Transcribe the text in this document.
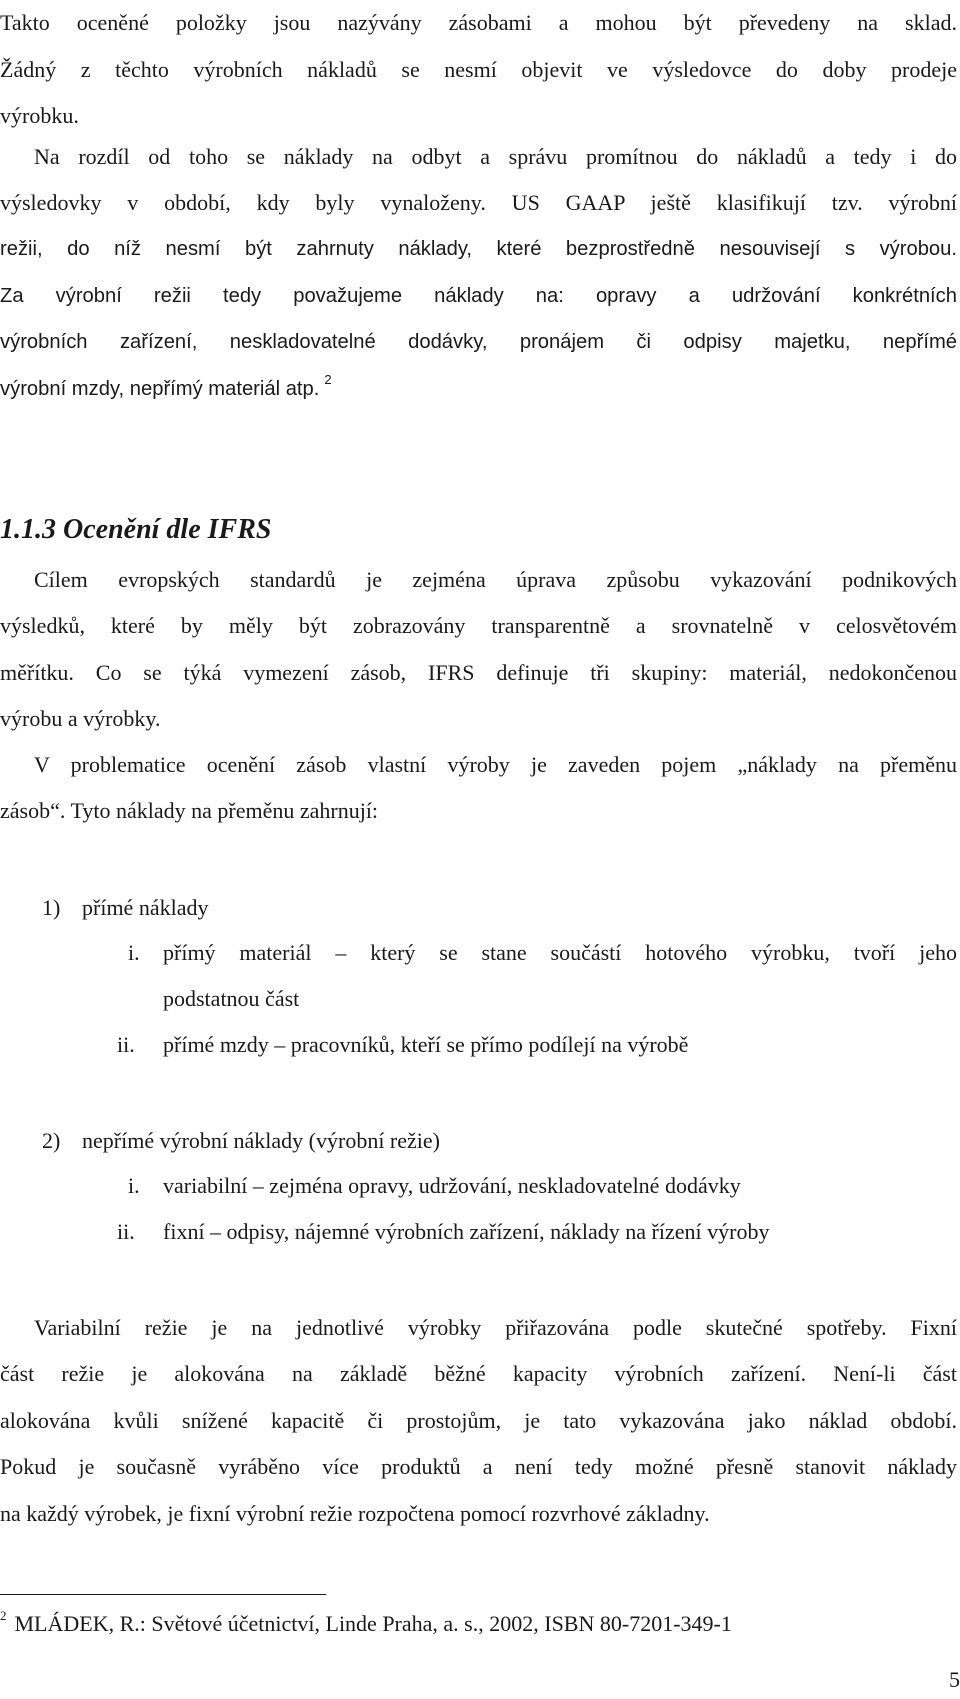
Takto oceněné položky jsou nazývány zásobami a mohou být převedeny na sklad.
Žádný z těchto výrobních nákladů se nesmí objevit ve výsledovce do doby prodeje

výrobku.

Na rozdíl od toho se náklady na odbyt a správu promítnou do nákladů a tedy i do

výsledovky v období, kdy byly vynaloženy. US GAAP ještě klasifikují tzv. výrobní

režii, do níž nesmí být zahrnuty náklady, které bezprostředně nesouvisejí s výrobou.
Za výrobní režii tedy považujeme náklady na: opravy a udržování konkrétních
výrobních zařízení, neskladovatelné dodávky, pronájem či odpisy majetku, nepřímé

výrobní mzdy, nepřímý materiál atp. $^2$

1.1.3 Ocenění dle IFRS

Cílem evropských standardů je zejména úprava způsobu vykazování podnikových

výsledků, které by měly být zobrazovány transparentně a srovnatelně v celosvětovém
měřítku. Co se týká vymezení zásob, IFRS definuje tři skupiny: materiál, nedokončenou

výrobu a výrobky.

V problematice ocenění zásob vlastní výroby je zaveden pojem „náklady na přeměnu

zásob“. Tyto náklady na přeměnu zahrnují:

1) přímé náklady
i. přímý materiál – který se stane součástí hotového výrobku, tvoří jeho

podstatnou část
ii. přímé mzdy – pracovníků, kteří se přímo podílejí na výrobě
2) nepřímé výrobní náklady (výrobní režie)
i. variabilní – zejména opravy, udržování, neskladovatelné dodávky
ii. fixní – odpisy, nájemné výrobních zařízení, náklady na řízení výroby

Variabilní režie je na jednotlivé výrobky přiřazována podle skutečné spotřeby. Fixní

část režie je alokována na základě běžné kapacity výrobních zařízení. Není-li část
alokována kvůli snížené kapacitě či prostojům, je tato vykazována jako náklad období.
Pokud je současně vyráběno více produktů a není tedy možné přesně stanovit náklady

na každý výrobek, je fixní výrobní režie rozpočtena pomocí rozvrhové základny.

$^2$ MLÁDEK, R.: Světové účetnictví, Linde Praha, a. s., 2002, ISBN 80-7201-349-1

5
